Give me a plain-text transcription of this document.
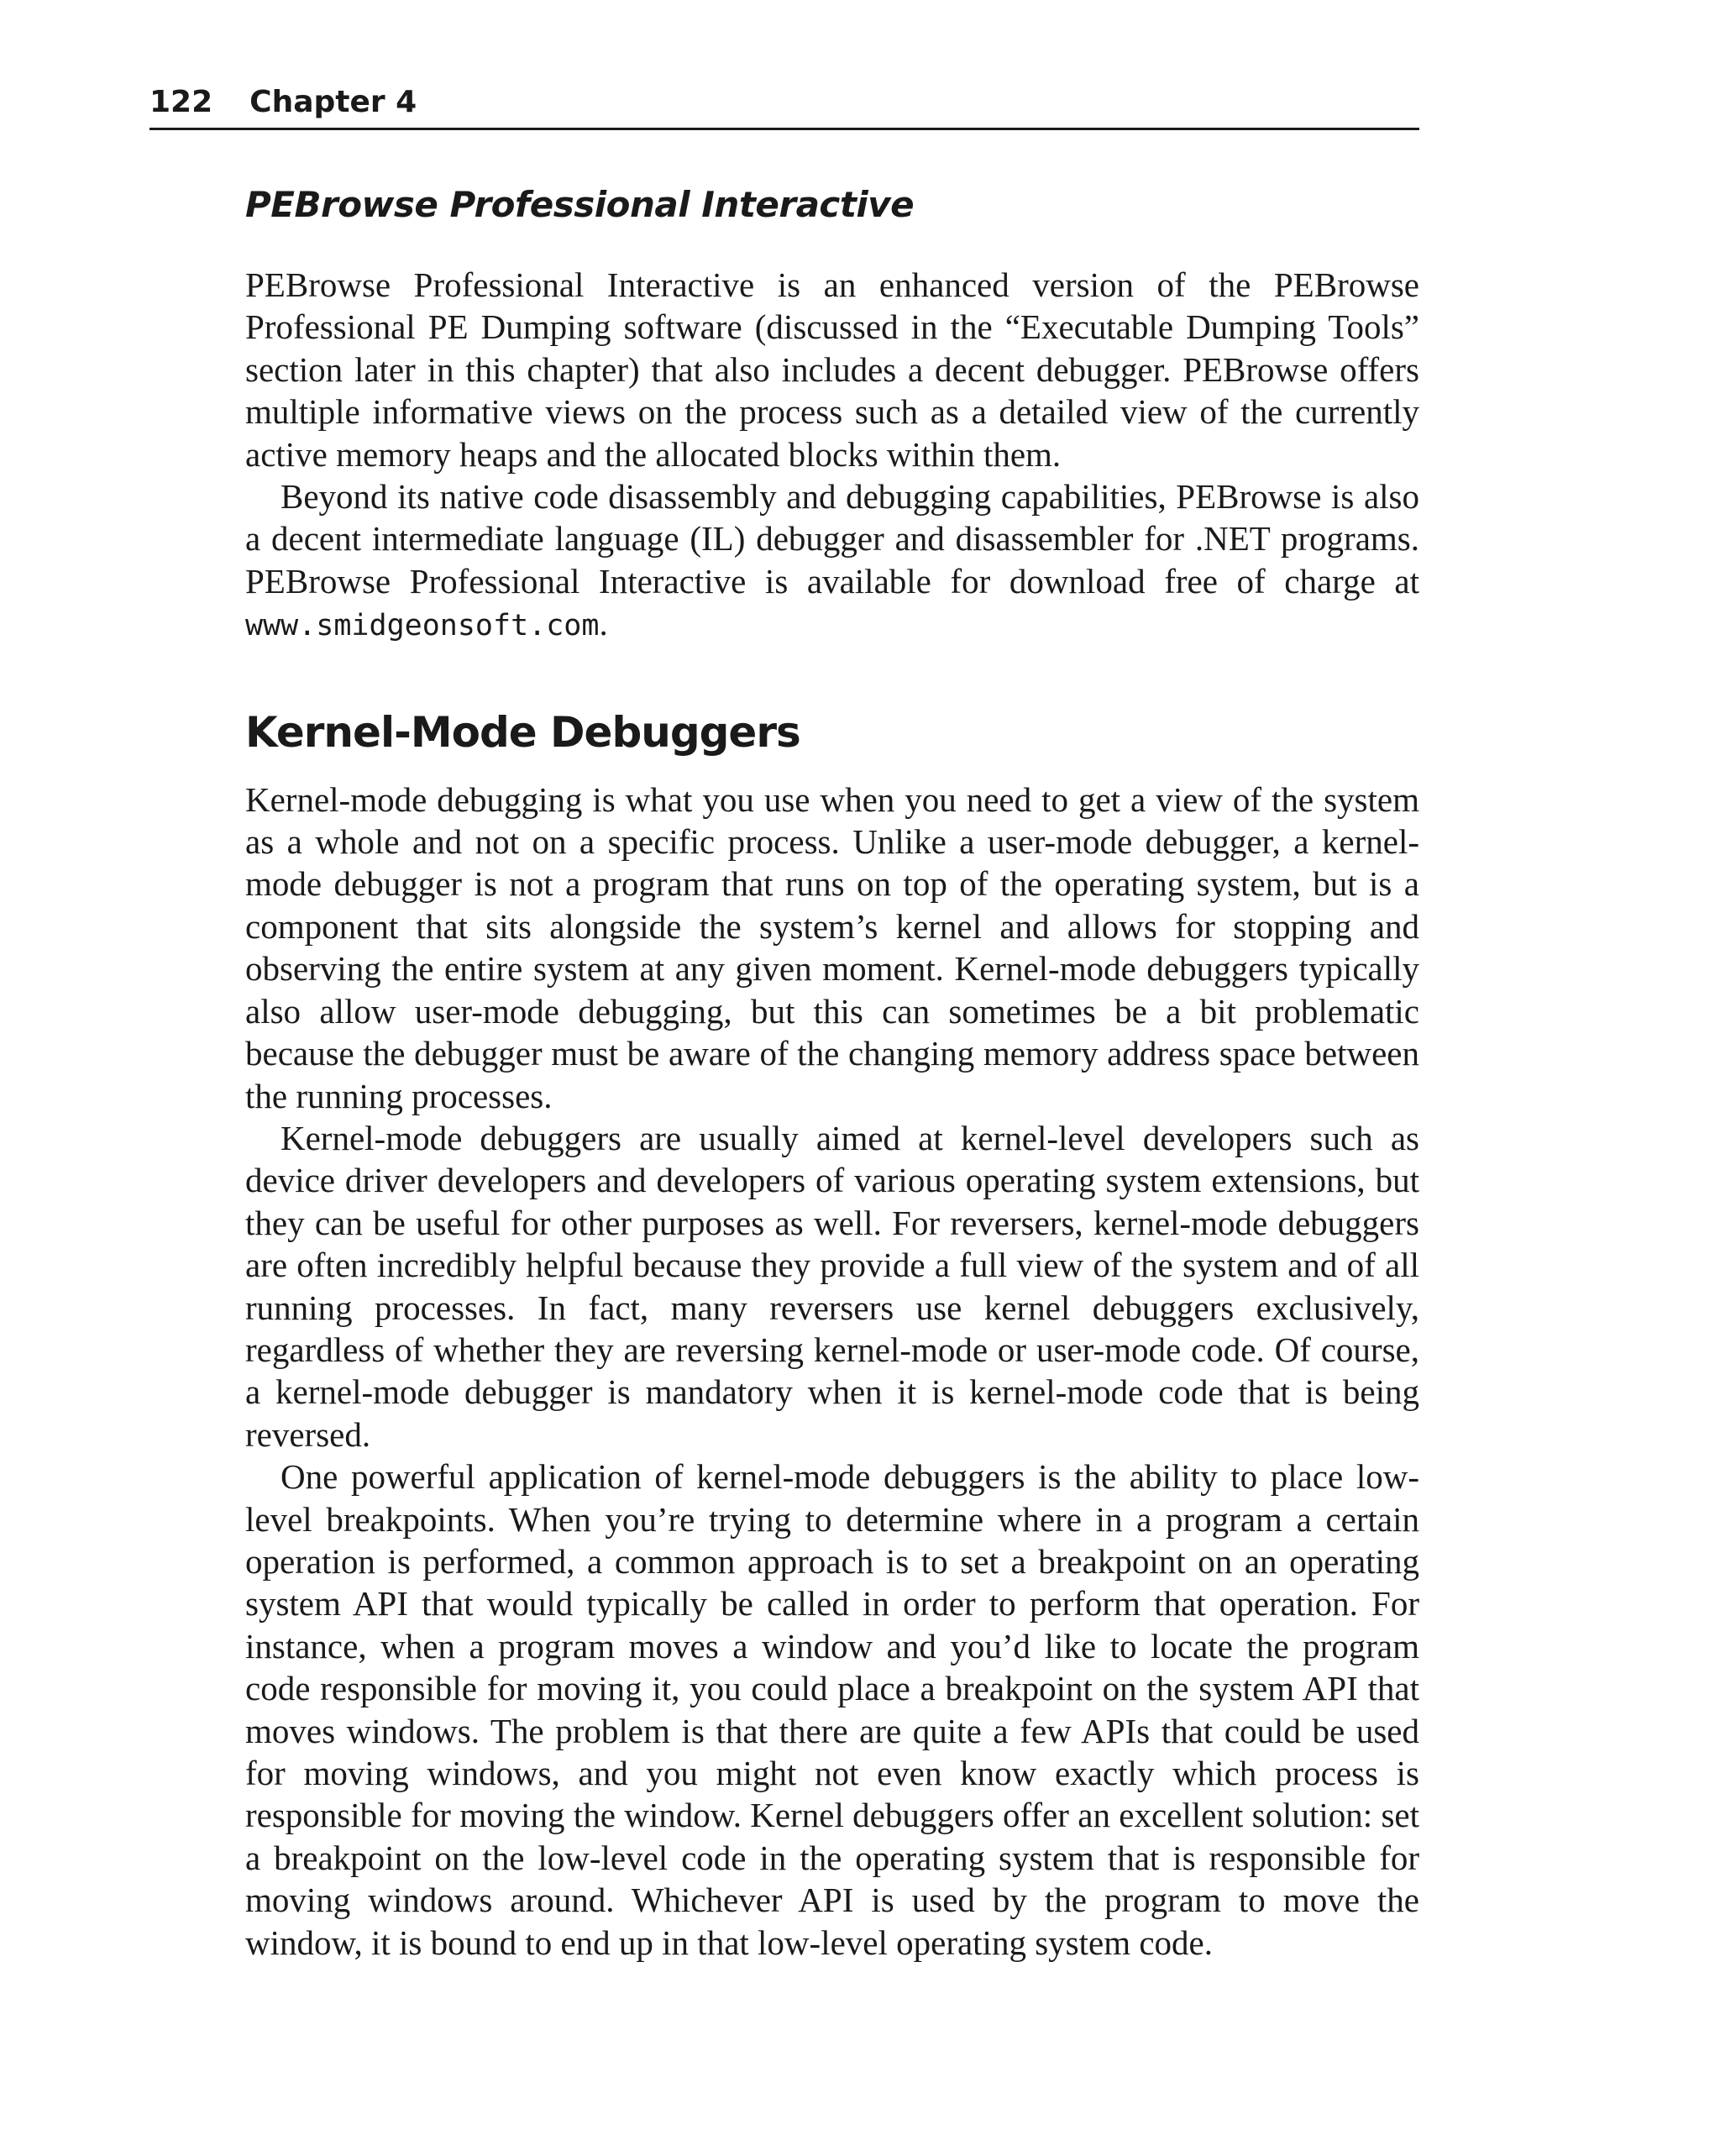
122 Chapter 4
PEBrowse Professional Interactive

PEBrowse Professional Interactive is an enhanced version of the PEBrowse Professional PE Dumping software (discussed in the “Executable Dumping Tools” section later in this chapter) that also includes a decent debugger. PEBrowse offers multiple informative views on the process such as a detailed view of the currently active memory heaps and the allocated blocks within them.

Beyond its native code disassembly and debugging capabilities, PEBrowse is also a decent intermediate language (IL) debugger and disassembler for .NET programs. PEBrowse Professional Interactive is available for download free of charge at www.smidgeonsoft.com.

Kernel-Mode Debuggers

Kernel-mode debugging is what you use when you need to get a view of the system as a whole and not on a specific process. Unlike a user-mode debugger, a kernel-mode debugger is not a program that runs on top of the operating system, but is a component that sits alongside the system’s kernel and allows for stopping and observing the entire system at any given moment. Kernel-mode debuggers typically also allow user-mode debugging, but this can sometimes be a bit problematic because the debugger must be aware of the changing memory address space between the running processes.

Kernel-mode debuggers are usually aimed at kernel-level developers such as device driver developers and developers of various operating system extensions, but they can be useful for other purposes as well. For reversers, kernel-mode debuggers are often incredibly helpful because they provide a full view of the system and of all running processes. In fact, many reversers use kernel debuggers exclusively, regardless of whether they are reversing kernel-mode or user-mode code. Of course, a kernel-mode debugger is mandatory when it is kernel-mode code that is being reversed.

One powerful application of kernel-mode debuggers is the ability to place low-level breakpoints. When you’re trying to determine where in a program a certain operation is performed, a common approach is to set a breakpoint on an operating system API that would typically be called in order to perform that operation. For instance, when a program moves a window and you’d like to locate the program code responsible for moving it, you could place a breakpoint on the system API that moves windows. The problem is that there are quite a few APIs that could be used for moving windows, and you might not even know exactly which process is responsible for moving the window. Kernel debuggers offer an excellent solution: set a breakpoint on the low-level code in the operating system that is responsible for moving windows around. Whichever API is used by the program to move the window, it is bound to end up in that low-level operating system code.
